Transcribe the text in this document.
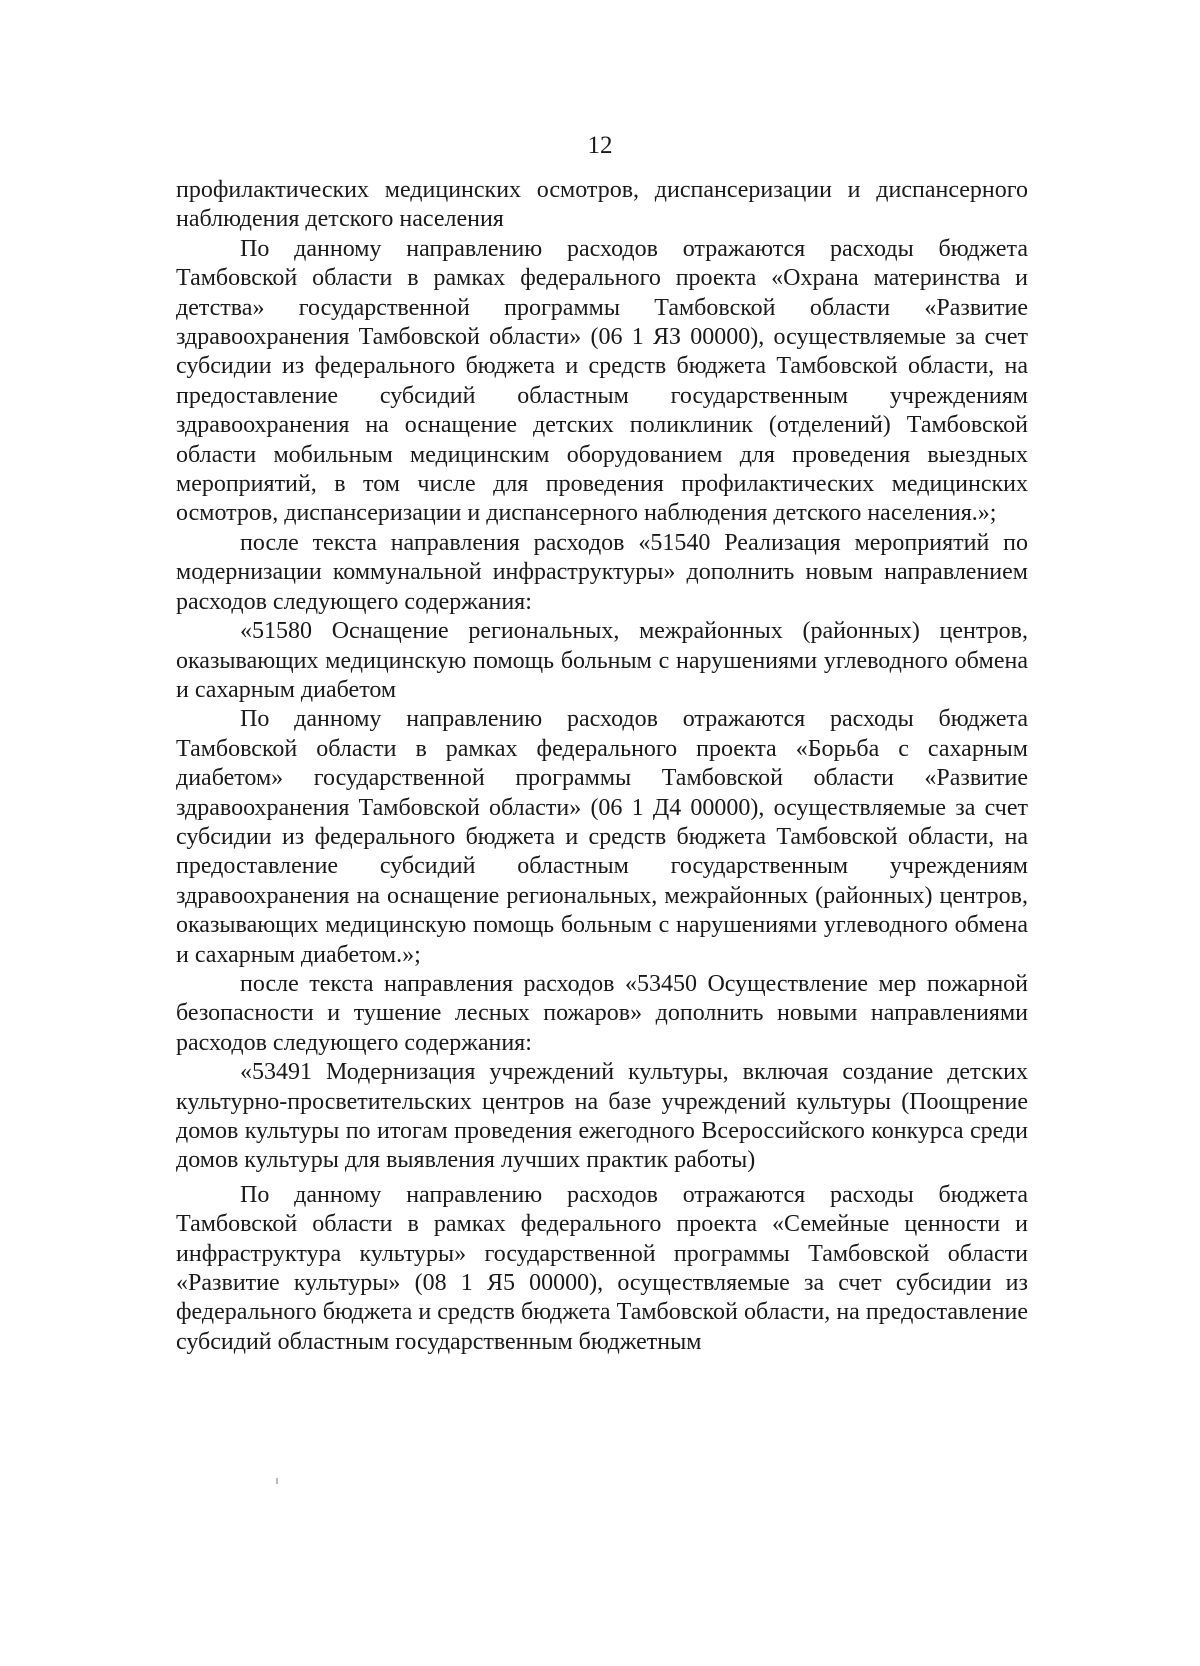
12

профилактических медицинских осмотров, диспансеризации и диспансерного наблюдения детского населения

По данному направлению расходов отражаются расходы бюджета Тамбовской области в рамках федерального проекта «Охрана материнства и детства» государственной программы Тамбовской области «Развитие здравоохранения Тамбовской области» (06 1 ЯЗ 00000), осуществляемые за счет субсидии из федерального бюджета и средств бюджета Тамбовской области, на предоставление субсидий областным государственным учреждениям здравоохранения на оснащение детских поликлиник (отделений) Тамбовской области мобильным медицинским оборудованием для проведения выездных мероприятий, в том числе для проведения профилактических медицинских осмотров, диспансеризации и диспансерного наблюдения детского населения.»;

после текста направления расходов «51540 Реализация мероприятий по модернизации коммунальной инфраструктуры» дополнить новым направлением расходов следующего содержания:

«51580 Оснащение региональных, межрайонных (районных) центров, оказывающих медицинскую помощь больным с нарушениями углеводного обмена и сахарным диабетом

По данному направлению расходов отражаются расходы бюджета Тамбовской области в рамках федерального проекта «Борьба с сахарным диабетом» государственной программы Тамбовской области «Развитие здравоохранения Тамбовской области» (06 1 Д4 00000), осуществляемые за счет субсидии из федерального бюджета и средств бюджета Тамбовской области, на предоставление субсидий областным государственным учреждениям здравоохранения на оснащение региональных, межрайонных (районных) центров, оказывающих медицинскую помощь больным с нарушениями углеводного обмена и сахарным диабетом.»;

после текста направления расходов «53450 Осуществление мер пожарной безопасности и тушение лесных пожаров» дополнить новыми направлениями расходов следующего содержания:

«53491 Модернизация учреждений культуры, включая создание детских культурно-просветительских центров на базе учреждений культуры (Поощрение домов культуры по итогам проведения ежегодного Всероссийского конкурса среди домов культуры для выявления лучших практик работы)

По данному направлению расходов отражаются расходы бюджета Тамбовской области в рамках федерального проекта «Семейные ценности и инфраструктура культуры» государственной программы Тамбовской области «Развитие культуры» (08 1 Я5 00000), осуществляемые за счет субсидии из федерального бюджета и средств бюджета Тамбовской области, на предоставление субсидий областным государственным бюджетным
